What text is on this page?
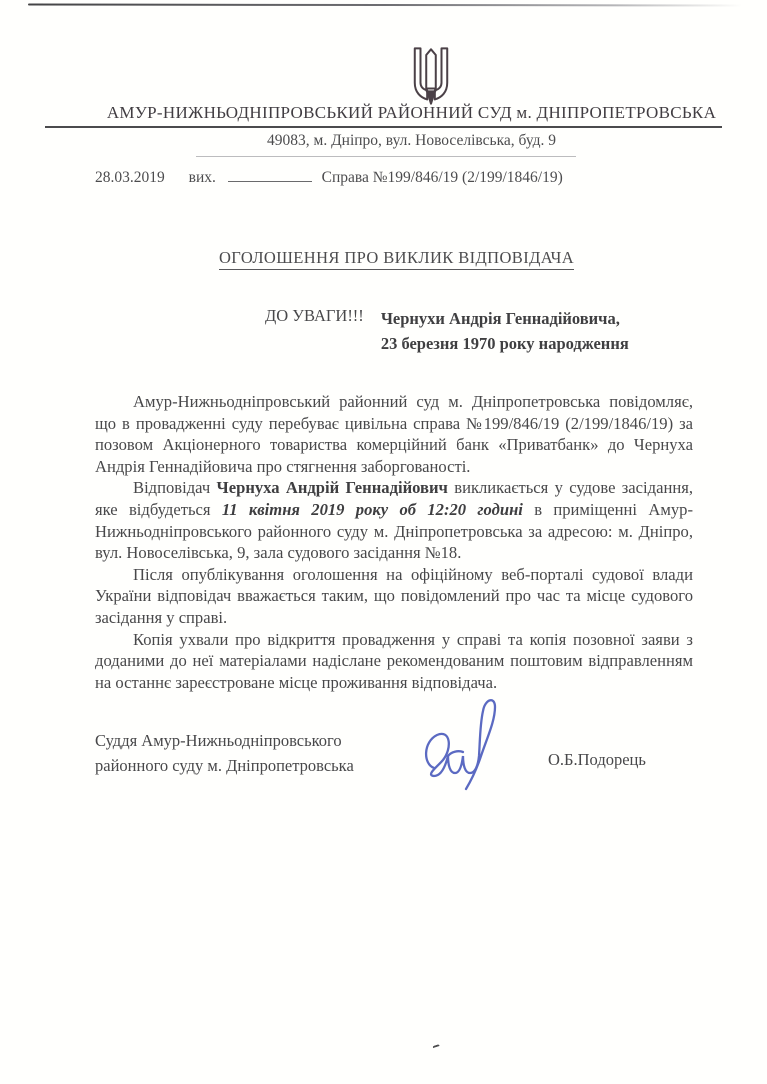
АМУР-НИЖНЬОДНІПРОВСЬКИЙ РАЙОННИЙ СУД м. ДНІПРОПЕТРОВСЬКА
49083, м. Дніпро, вул. Новоселівська, буд. 9
28.03.2019 вих.	Справа №199/846/19 (2/199/1846/19)
ОГОЛОШЕННЯ ПРО ВИКЛИК ВІДПОВІДАЧА
ДО УВАГИ!!! Чернухи Андрія Геннадійовича,
23 березня 1970 року народження

Амур-Нижньодніпровський районний суд м. Дніпропетровська повідомляє, що в провадженні суду перебуває цивільна справа №199/846/19 (2/199/1846/19) за позовом Акціонерного товариства комерційний банк «Приватбанк» до Чернуха Андрія Геннадійовича про стягнення заборгованості.

Відповідач Чернуха Андрій Геннадійович викликається у судове засідання, яке відбудеться 11 квітня 2019 року об 12:20 годині в приміщенні Амур-Нижньодніпровського районного суду м. Дніпропетровська за адресою: м. Дніпро, вул. Новоселівська, 9, зала судового засідання №18.

Після опублікування оголошення на офіційному веб-порталі судової влади України відповідач вважається таким, що повідомлений про час та місце судового засідання у справі.

Копія ухвали про відкриття провадження у справі та копія позовної заяви з доданими до неї матеріалами надіслане рекомендованим поштовим відправленням на останнє зареєстроване місце проживання відповідача.

Суддя Амур-Нижньодніпровського
районного суду м. Дніпропетровська	О.Б.Подорець
